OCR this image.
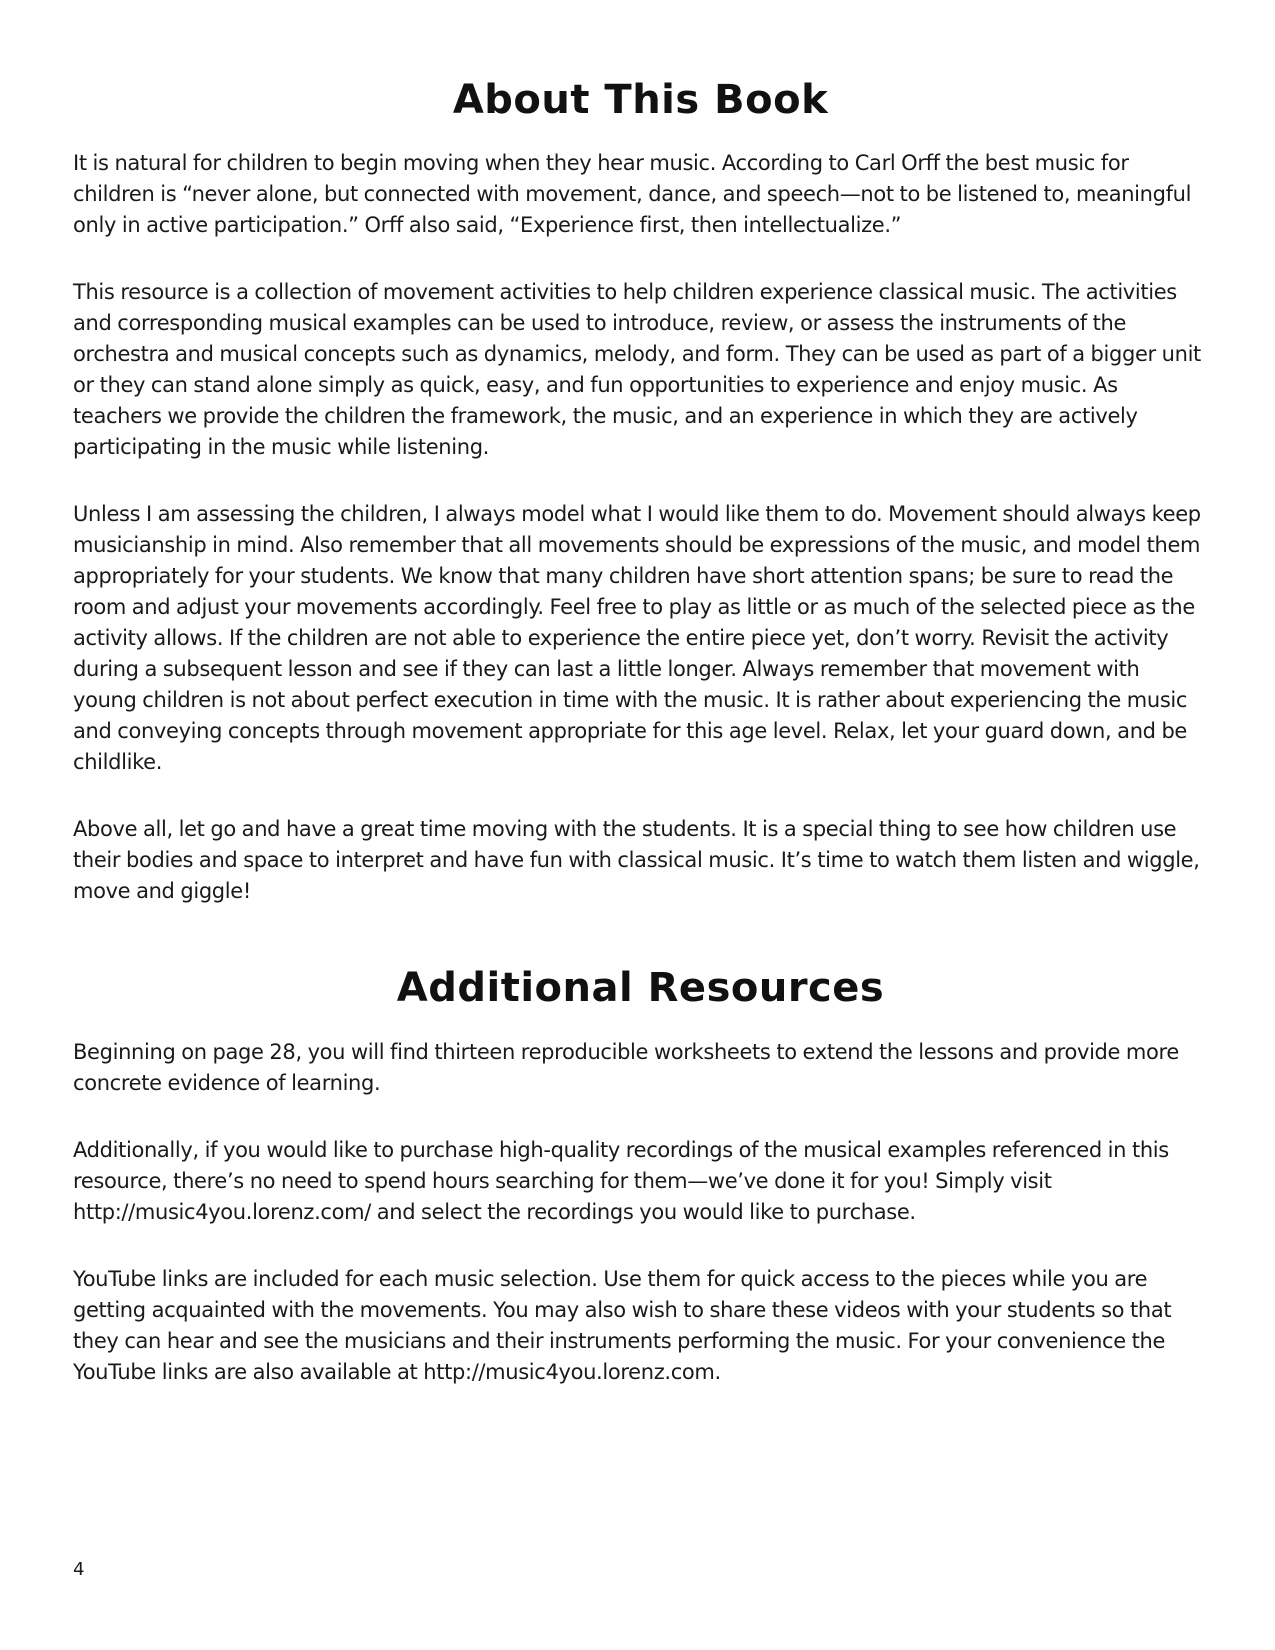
About This Book

It is natural for children to begin moving when they hear music. According to Carl Orff the best music for children is “never alone, but connected with movement, dance, and speech—not to be listened to, meaningful only in active participation.” Orff also said, “Experience first, then intellectualize.”

This resource is a collection of movement activities to help children experience classical music. The activities and corresponding musical examples can be used to introduce, review, or assess the instruments of the orchestra and musical concepts such as dynamics, melody, and form. They can be used as part of a bigger unit or they can stand alone simply as quick, easy, and fun opportunities to experience and enjoy music. As teachers we provide the children the framework, the music, and an experience in which they are actively participating in the music while listening.

Unless I am assessing the children, I always model what I would like them to do. Movement should always keep musicianship in mind. Also remember that all movements should be expressions of the music, and model them appropriately for your students. We know that many children have short attention spans; be sure to read the room and adjust your movements accordingly. Feel free to play as little or as much of the selected piece as the activity allows. If the children are not able to experience the entire piece yet, don’t worry. Revisit the activity during a subsequent lesson and see if they can last a little longer. Always remember that movement with young children is not about perfect execution in time with the music. It is rather about experiencing the music and conveying concepts through movement appropriate for this age level. Relax, let your guard down, and be childlike.

Above all, let go and have a great time moving with the students. It is a special thing to see how children use their bodies and space to interpret and have fun with classical music. It’s time to watch them listen and wiggle, move and giggle!

Additional Resources

Beginning on page 28, you will find thirteen reproducible worksheets to extend the lessons and provide more concrete evidence of learning.

Additionally, if you would like to purchase high-quality recordings of the musical examples referenced in this resource, there’s no need to spend hours searching for them—we’ve done it for you! Simply visit http://music4you.lorenz.com/ and select the recordings you would like to purchase.

YouTube links are included for each music selection. Use them for quick access to the pieces while you are getting acquainted with the movements. You may also wish to share these videos with your students so that they can hear and see the musicians and their instruments performing the music. For your convenience the YouTube links are also available at http://music4you.lorenz.com.

4
